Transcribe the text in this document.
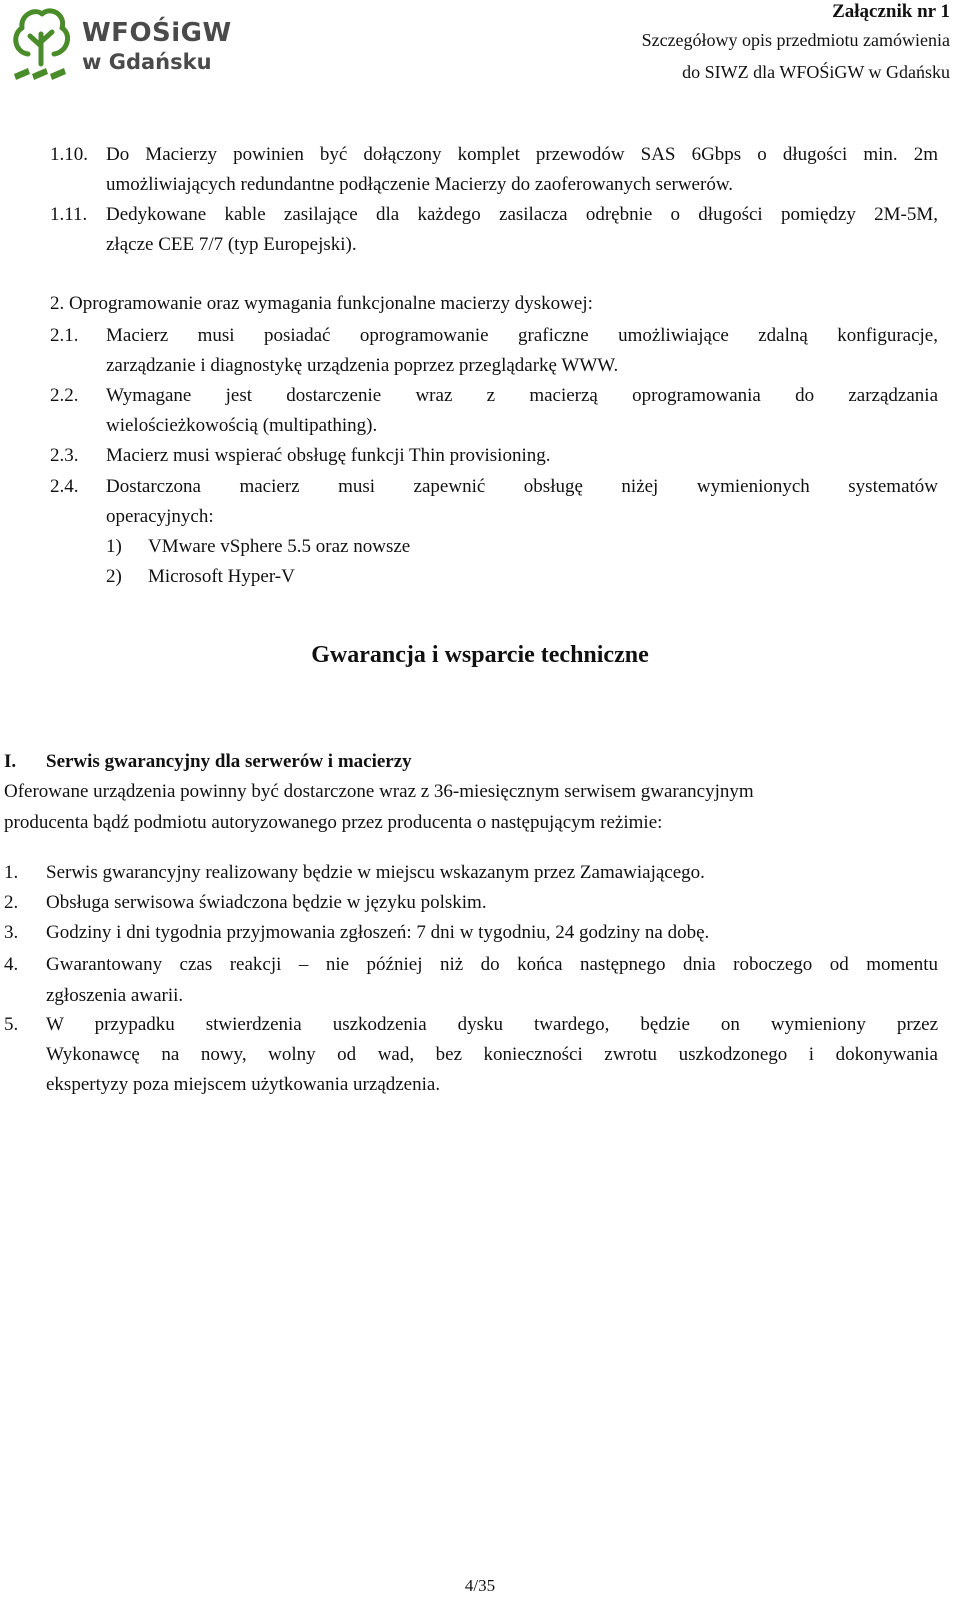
WFOŚiGW
w Gdańsku
Załącznik nr 1
Szczegółowy opis przedmiotu zamówienia
do SIWZ dla WFOŚiGW w Gdańsku
1.10. Do Macierzy powinien być dołączony komplet przewodów SAS 6Gbps o długości min. 2m
umożliwiających redundantne podłączenie Macierzy do zaoferowanych serwerów.
1.11. Dedykowane kable zasilające dla każdego zasilacza odrębnie o długości pomiędzy 2M-5M,
złącze CEE 7/7 (typ Europejski).
2. Oprogramowanie oraz wymagania funkcjonalne macierzy dyskowej:
2.1. Macierz musi posiadać oprogramowanie graficzne umożliwiające zdalną konfiguracje,
zarządzanie i diagnostykę urządzenia poprzez przeglądarkę WWW.
2.2. Wymagane jest dostarczenie wraz z macierzą oprogramowania do zarządzania
wielościeżkowością (multipathing).
2.3. Macierz musi wspierać obsługę funkcji Thin provisioning.
2.4. Dostarczona macierz musi zapewnić obsługę niżej wymienionych systematów
operacyjnych:
1) VMware vSphere 5.5 oraz nowsze
2) Microsoft Hyper-V
Gwarancja i wsparcie techniczne
I. Serwis gwarancyjny dla serwerów i macierzy
Oferowane urządzenia powinny być dostarczone wraz z 36-miesięcznym serwisem gwarancyjnym
producenta bądź podmiotu autoryzowanego przez producenta o następującym reżimie:
1. Serwis gwarancyjny realizowany będzie w miejscu wskazanym przez Zamawiającego.
2. Obsługa serwisowa świadczona będzie w języku polskim.
3. Godziny i dni tygodnia przyjmowania zgłoszeń: 7 dni w tygodniu, 24 godziny na dobę.
4. Gwarantowany czas reakcji – nie później niż do końca następnego dnia roboczego od momentu
zgłoszenia awarii.
5. W przypadku stwierdzenia uszkodzenia dysku twardego, będzie on wymieniony przez
Wykonawcę na nowy, wolny od wad, bez konieczności zwrotu uszkodzonego i dokonywania
ekspertyzy poza miejscem użytkowania urządzenia.
4/35
